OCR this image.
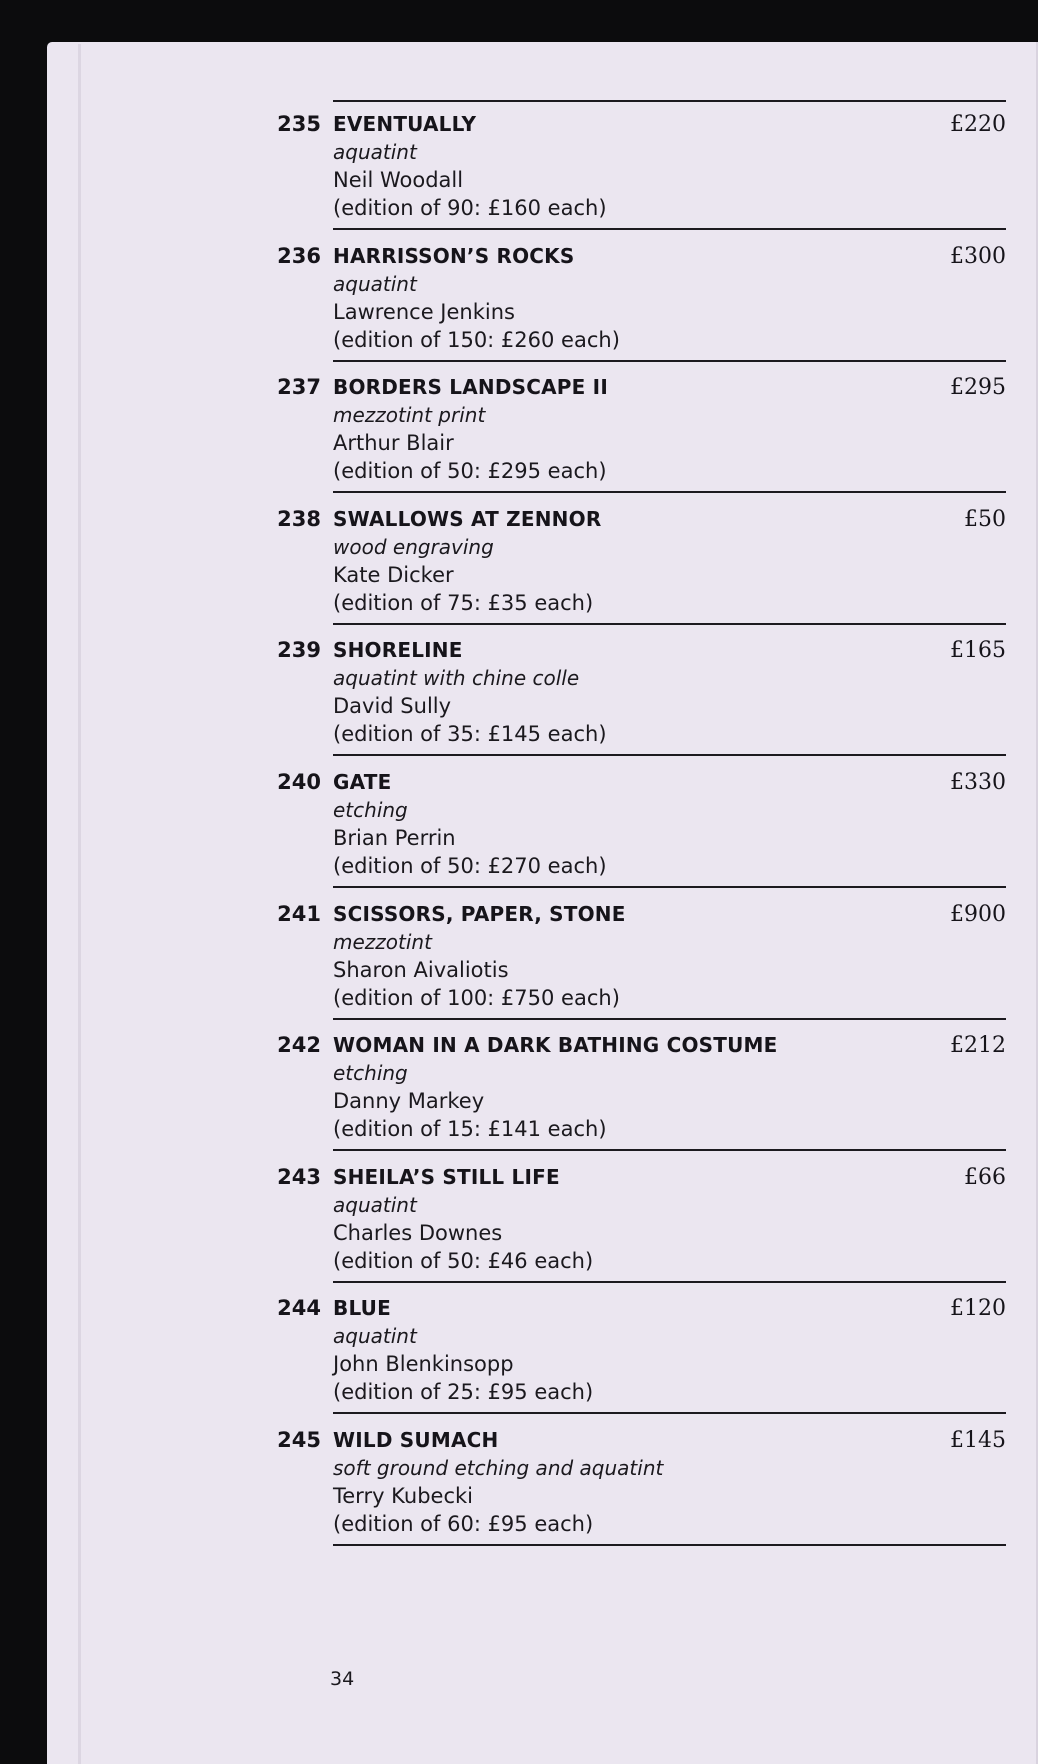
235 EVENTUALLY
aquatint
Neil Woodall
(edition of 90: £160 each)
£220
236 HARRISSON’S ROCKS
aquatint
Lawrence Jenkins
(edition of 150: £260 each)
£300
237 BORDERS LANDSCAPE II
mezzotint print
Arthur Blair
(edition of 50: £295 each)
£295
238 SWALLOWS AT ZENNOR
wood engraving
Kate Dicker
(edition of 75: £35 each)
£50
239 SHORELINE
aquatint with chine colle
David Sully
(edition of 35: £145 each)
£165
240 GATE
etching
Brian Perrin
(edition of 50: £270 each)
£330
241 SCISSORS, PAPER, STONE
mezzotint
Sharon Aivaliotis
(edition of 100: £750 each)
£900
242 WOMAN IN A DARK BATHING COSTUME
etching
Danny Markey
(edition of 15: £141 each)
£212
243 SHEILA’S STILL LIFE
aquatint
Charles Downes
(edition of 50: £46 each)
£66
244 BLUE
aquatint
John Blenkinsopp
(edition of 25: £95 each)
£120
245 WILD SUMACH
soft ground etching and aquatint
Terry Kubecki
(edition of 60: £95 each)
£145
34
